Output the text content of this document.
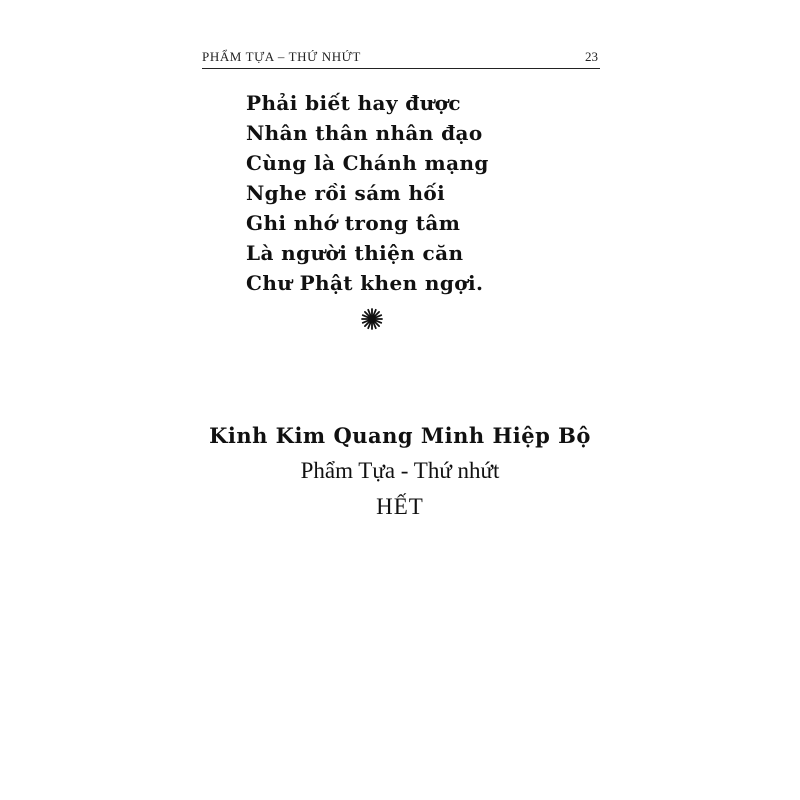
PHẨM TỰA – THỨ NHỨT	23
Phải biết hay được
Nhân thân nhân đạo
Cùng là Chánh mạng
Nghe rồi sám hối
Ghi nhớ trong tâm
Là người thiện căn
Chư Phật khen ngợi.
Kinh Kim Quang Minh Hiệp Bộ
Phẩm Tựa - Thứ nhứt
HẾT
